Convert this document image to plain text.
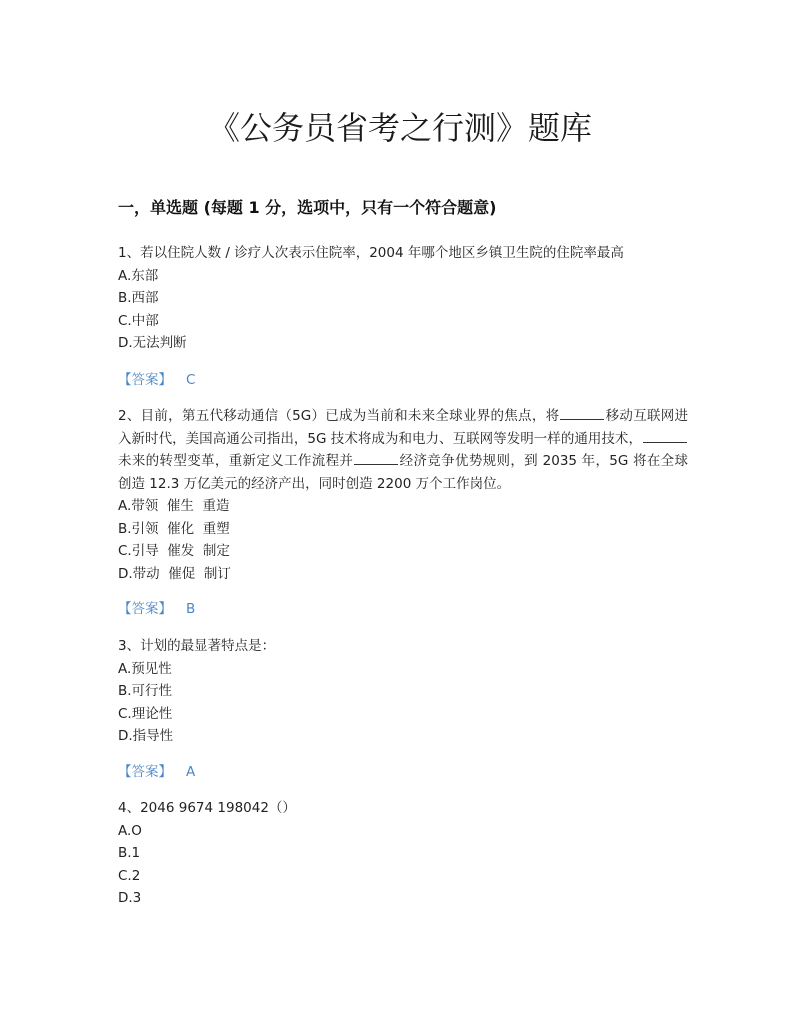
《公务员省考之行测》题库
一，单选题 (每题 1 分，选项中，只有一个符合题意)
1、若以住院人数 / 诊疗人次表示住院率，2004 年哪个地区乡镇卫生院的住院率最高
A.东部
B.西部
C.中部
D.无法判断
【答案】 C
2、目前，第五代移动通信（5G）已成为当前和未来全球业界的焦点，将	移动互联网进入新时代，美国高通公司指出，5G 技术将成为和电力、互联网等发明一样的通用技术，未来的转型变革，重新定义工作流程并	经济竞争优势规则，到 2035 年，5G 将在全球创造 12.3 万亿美元的经济产出，同时创造 2200 万个工作岗位。
A.带领  催生  重造
B.引领  催化  重塑
C.引导  催发  制定
D.带动  催促  制订
【答案】 B
3、计划的最显著特点是：
A.预见性
B.可行性
C.理论性
D.指导性
【答案】 A
4、2046 9674 198042（）
A.O
B.1
C.2
D.3
